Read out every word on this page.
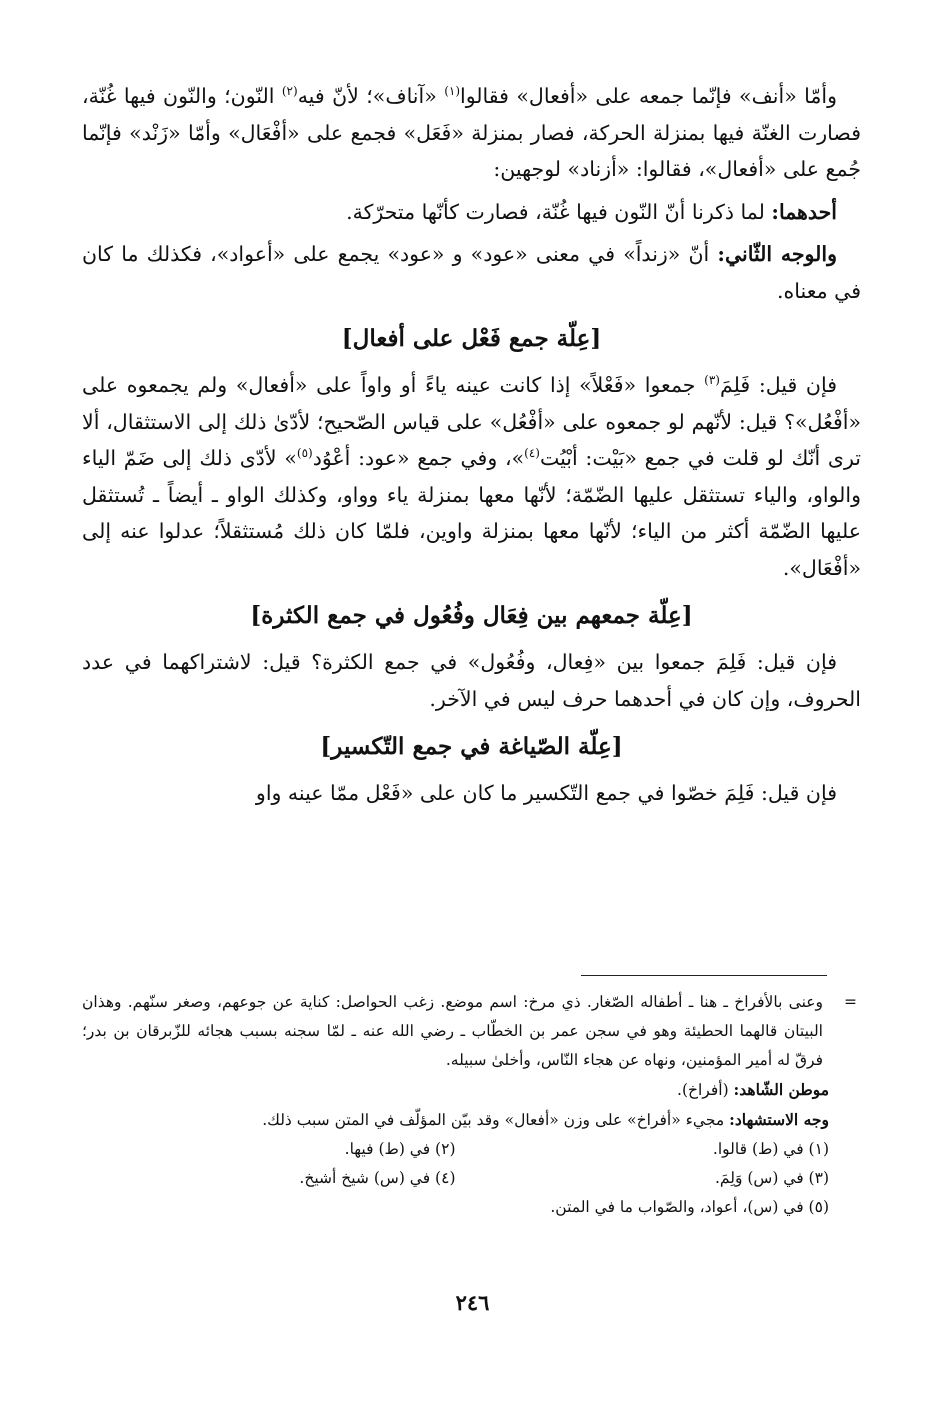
وأمّا «أنف» فإنّما جمعه على «أفعال» فقالوا$^{(١)}$ «آناف»؛ لأنّ فيه$^{(٢)}$ النّون؛ والنّون فيها غُنّة، فصارت الغنّة فيها بمنزلة الحركة، فصار بمنزلة «فَعَل» فجمع على «أفْعَال» وأمّا «زَنْد» فإنّما جُمع على «أفعال»، فقالوا: «أزناد» لوجهين:

أحدهما: لما ذكرنا أنّ النّون فيها غُنّة، فصارت كأنّها متحرّكة.

والوجه الثّاني: أنّ «زنداً» في معنى «عود» و «عود» يجمع على «أعواد»، فكذلك ما كان في معناه.

[عِلّة جمع فَعْل على أفعال]

فإن قيل: فَلِمَ$^{(٣)}$ جمعوا «فَعْلاً» إذا كانت عينه ياءً أو واواً على «أفعال» ولم يجمعوه على «أفْعُل»؟ قيل: لأنّهم لو جمعوه على «أفْعُل» على قياس الصّحيح؛ لأدّىٰ ذلك إلى الاستثقال، ألا ترى أنّك لو قلت في جمع «بَيْت: أبْيُت$^{(٤)}$»، وفي جمع «عود: أعْوُد$^{(٥)}$» لأدّى ذلك إلى ضَمّ الياء والواو، والياء تستثقل عليها الضّمّة؛ لأنّها معها بمنزلة ياء وواو، وكذلك الواو ـ أيضاً ـ تُستثقل عليها الضّمّة أكثر من الياء؛ لأنّها معها بمنزلة واوين، فلمّا كان ذلك مُستثقلاً؛ عدلوا عنه إلى «أفْعَال».

[عِلّة جمعهم بين فِعَال وفُعُول في جمع الكثرة]

فإن قيل: فَلِمَ جمعوا بين «فِعال، وفُعُول» في جمع الكثرة؟ قيل: لاشتراكهما في عدد الحروف، وإن كان في أحدهما حرف ليس في الآخر.

[عِلّة الصّياغة في جمع التّكسير]

فإن قيل: فَلِمَ خصّوا في جمع التّكسير ما كان على «فَعْل ممّا عينه واو

=
وعنى بالأفراخ ـ هنا ـ أطفاله الصّغار. ذي مرخ: اسم موضع. زغب الحواصل: كناية عن جوعهم، وصغر سنّهم. وهذان البيتان قالهما الحطيئة وهو في سجن عمر بن الخطّاب ـ رضي الله عنه ـ لمّا سجنه بسبب هجائه للزّبرقان بن بدر؛ فرقّ له أمير المؤمنين، ونهاه عن هجاء النّاس، وأخلىٰ سبيله.

موطن الشّاهد: (أفراخ).

وجه الاستشهاد: مجيء «أفراخ» على وزن «أفعال» وقد بيّن المؤلّف في المتن سبب ذلك.

(١) في (ط) قالوا.
(٢) في (ط) فيها.
(٣) في (س) وَلِمَ.
(٤) في (س) شيخ أشيخ.
(٥) في (س)، أعواد، والصّواب ما في المتن.
٢٤٦
